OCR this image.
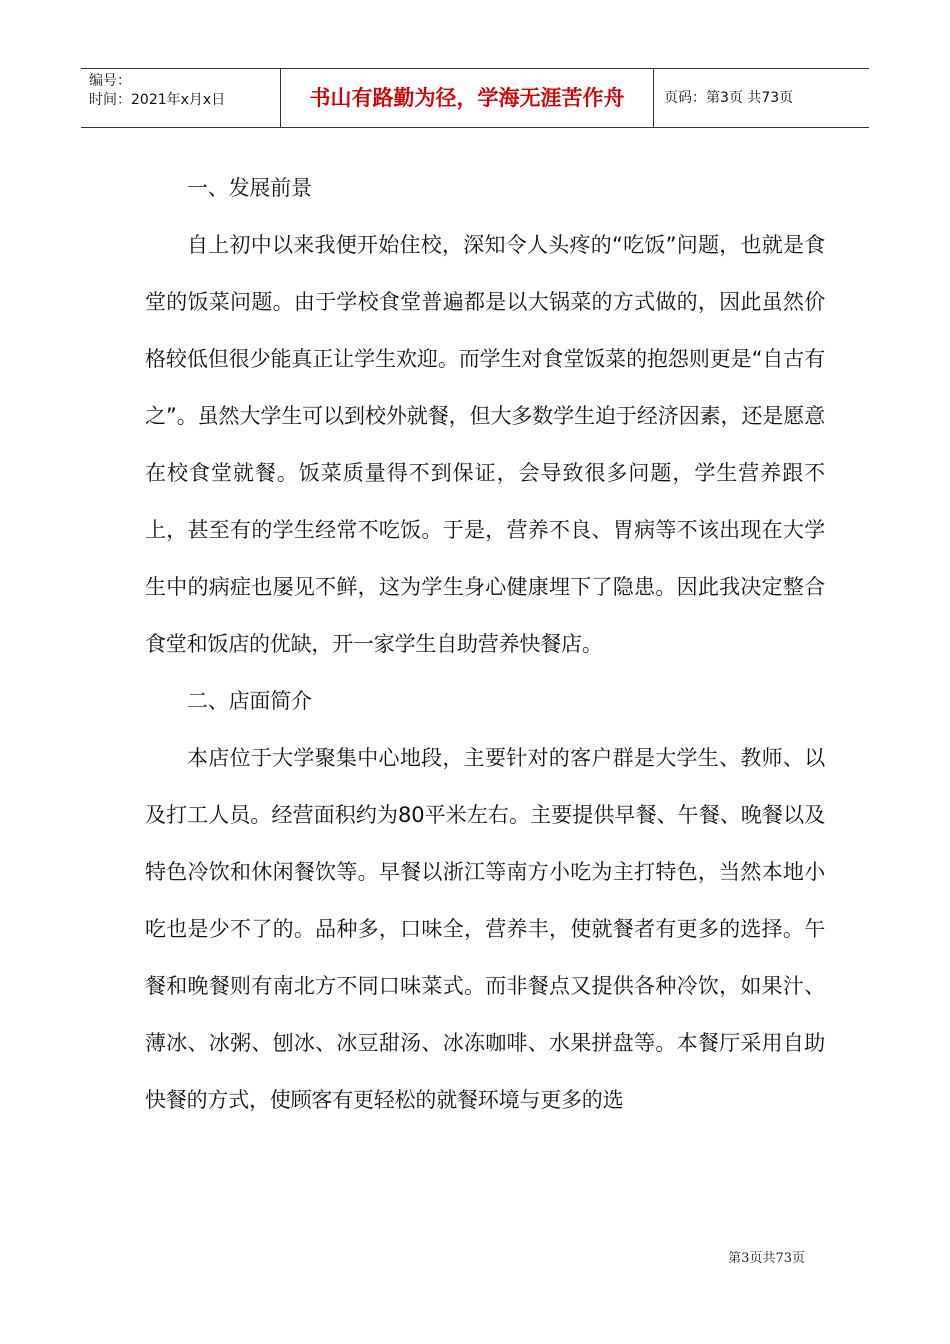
编号：
时间：2021年x月x日	书山有路勤为径，学海无涯苦作舟	页码：第3页 共73页

一、发展前景

自上初中以来我便开始住校，深知令人头疼的“吃饭”问题，也就是食堂的饭菜问题。由于学校食堂普遍都是以大锅菜的方式做的，因此虽然价格较低但很少能真正让学生欢迎。而学生对食堂饭菜的抱怨则更是“自古有之”。虽然大学生可以到校外就餐，但大多数学生迫于经济因素，还是愿意在校食堂就餐。饭菜质量得不到保证，会导致很多问题，学生营养跟不上，甚至有的学生经常不吃饭。于是，营养不良、胃病等不该出现在大学生中的病症也屡见不鲜，这为学生身心健康埋下了隐患。因此我决定整合食堂和饭店的优缺，开一家学生自助营养快餐店。

二、店面简介

本店位于大学聚集中心地段，主要针对的客户群是大学生、教师、以及打工人员。经营面积约为80平米左右。主要提供早餐、午餐、晚餐以及特色冷饮和休闲餐饮等。早餐以浙江等南方小吃为主打特色，当然本地小吃也是少不了的。品种多，口味全，营养丰，使就餐者有更多的选择。午餐和晚餐则有南北方不同口味菜式。而非餐点又提供各种冷饮，如果汁、薄冰、冰粥、刨冰、冰豆甜汤、冰冻咖啡、水果拼盘等。本餐厅采用自助快餐的方式，使顾客有更轻松的就餐环境与更多的选

第3页共73页
